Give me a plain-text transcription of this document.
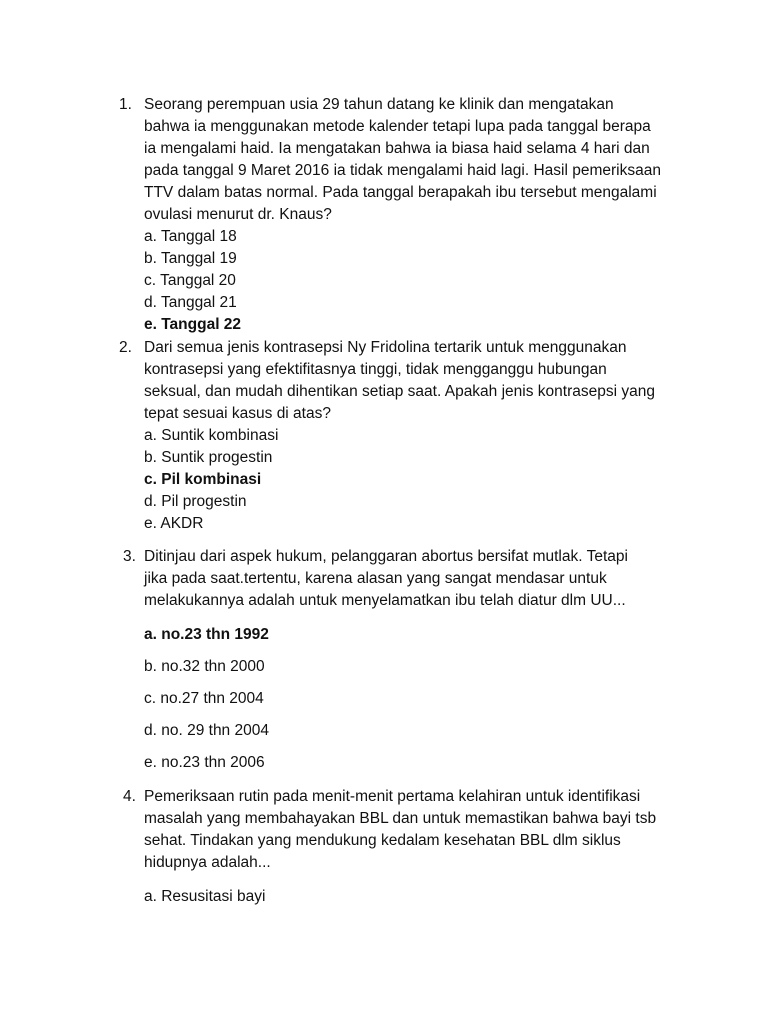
1. Seorang perempuan usia 29 tahun datang ke klinik dan mengatakan
bahwa ia menggunakan metode kalender tetapi lupa pada tanggal berapa
ia mengalami haid. Ia mengatakan bahwa ia biasa haid selama 4 hari dan
pada tanggal 9 Maret 2016 ia tidak mengalami haid lagi. Hasil pemeriksaan
TTV dalam batas normal. Pada tanggal berapakah ibu tersebut mengalami
ovulasi menurut dr. Knaus?
a. Tanggal 18
b. Tanggal 19
c. Tanggal 20
d. Tanggal 21
e. Tanggal 22
2. Dari semua jenis kontrasepsi Ny Fridolina tertarik untuk menggunakan
kontrasepsi yang efektifitasnya tinggi, tidak mengganggu hubungan
seksual, dan mudah dihentikan setiap saat. Apakah jenis kontrasepsi yang
tepat sesuai kasus di atas?
a. Suntik kombinasi
b. Suntik progestin
c. Pil kombinasi
d. Pil progestin
e. AKDR
3. Ditinjau dari aspek hukum, pelanggaran abortus bersifat mutlak. Tetapi
jika pada saat.tertentu, karena alasan yang sangat mendasar untuk
melakukannya adalah untuk menyelamatkan ibu telah diatur dlm UU...
a. no.23 thn 1992
b. no.32 thn 2000
c. no.27 thn 2004
d. no. 29 thn 2004
e. no.23 thn 2006
4. Pemeriksaan rutin pada menit-menit pertama kelahiran untuk identifikasi
masalah yang membahayakan BBL dan untuk memastikan bahwa bayi tsb
sehat. Tindakan yang mendukung kedalam kesehatan BBL dlm siklus
hidupnya adalah...
a. Resusitasi bayi
